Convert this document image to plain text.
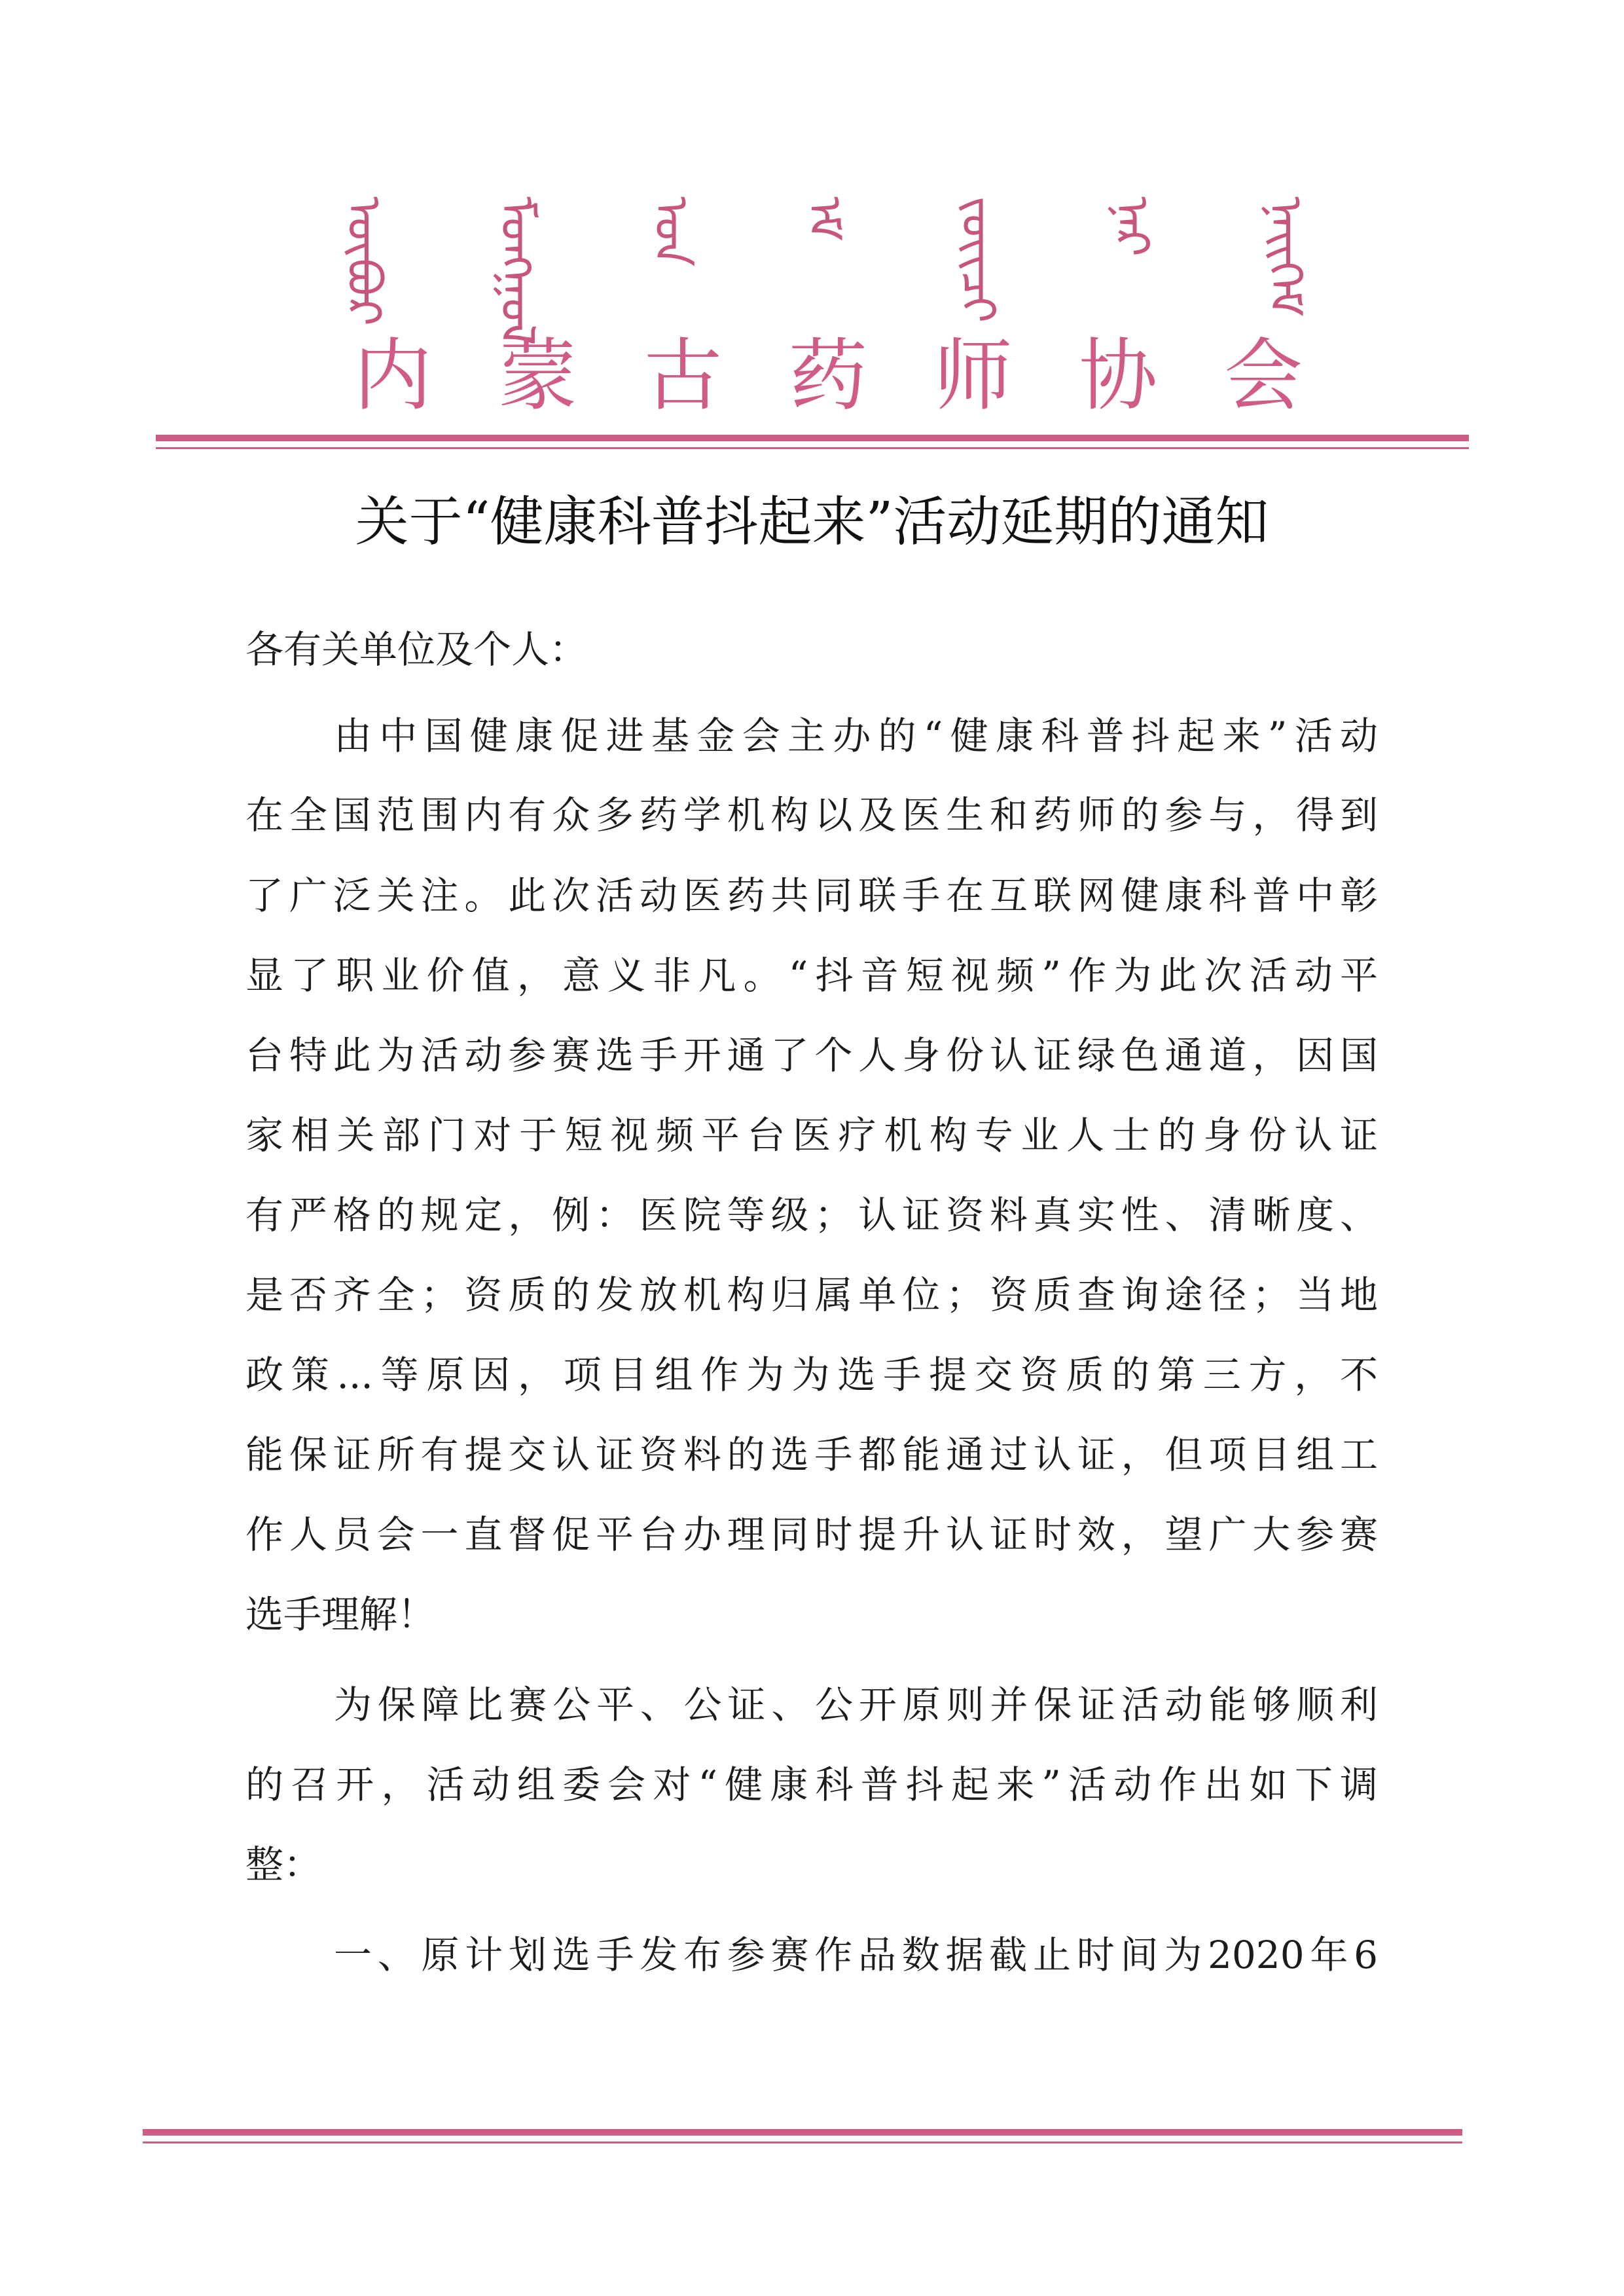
ᠥᠪᠦᠷ ᠮᠣᠩᠭᠣᠯ ᠤᠨ ᠡᠮ ᠵᠦᠢᠴᠢ ᠨᠠᠷ ᠨᠡᠢᠭᠡᠮ
内 蒙 古 药 师 协 会
关于“健康科普抖起来”活动延期的通知
各有关单位及个人：
由中国健康促进基金会主办的“健康科普抖起来”活动
在全国范围内有众多药学机构以及医生和药师的参与，得到
了广泛关注。此次活动医药共同联手在互联网健康科普中彰
显了职业价值，意义非凡。“抖音短视频”作为此次活动平
台特此为活动参赛选手开通了个人身份认证绿色通道，因国
家相关部门对于短视频平台医疗机构专业人士的身份认证
有严格的规定，例：医院等级；认证资料真实性、清晰度、
是否齐全；资质的发放机构归属单位；资质查询途径；当地
政策...等原因，项目组作为为选手提交资质的第三方，不
能保证所有提交认证资料的选手都能通过认证，但项目组工
作人员会一直督促平台办理同时提升认证时效，望广大参赛
选手理解！
为保障比赛公平、公证、公开原则并保证活动能够顺利
的召开，活动组委会对“健康科普抖起来”活动作出如下调
整：
一、原计划选手发布参赛作品数据截止时间为2020年6
